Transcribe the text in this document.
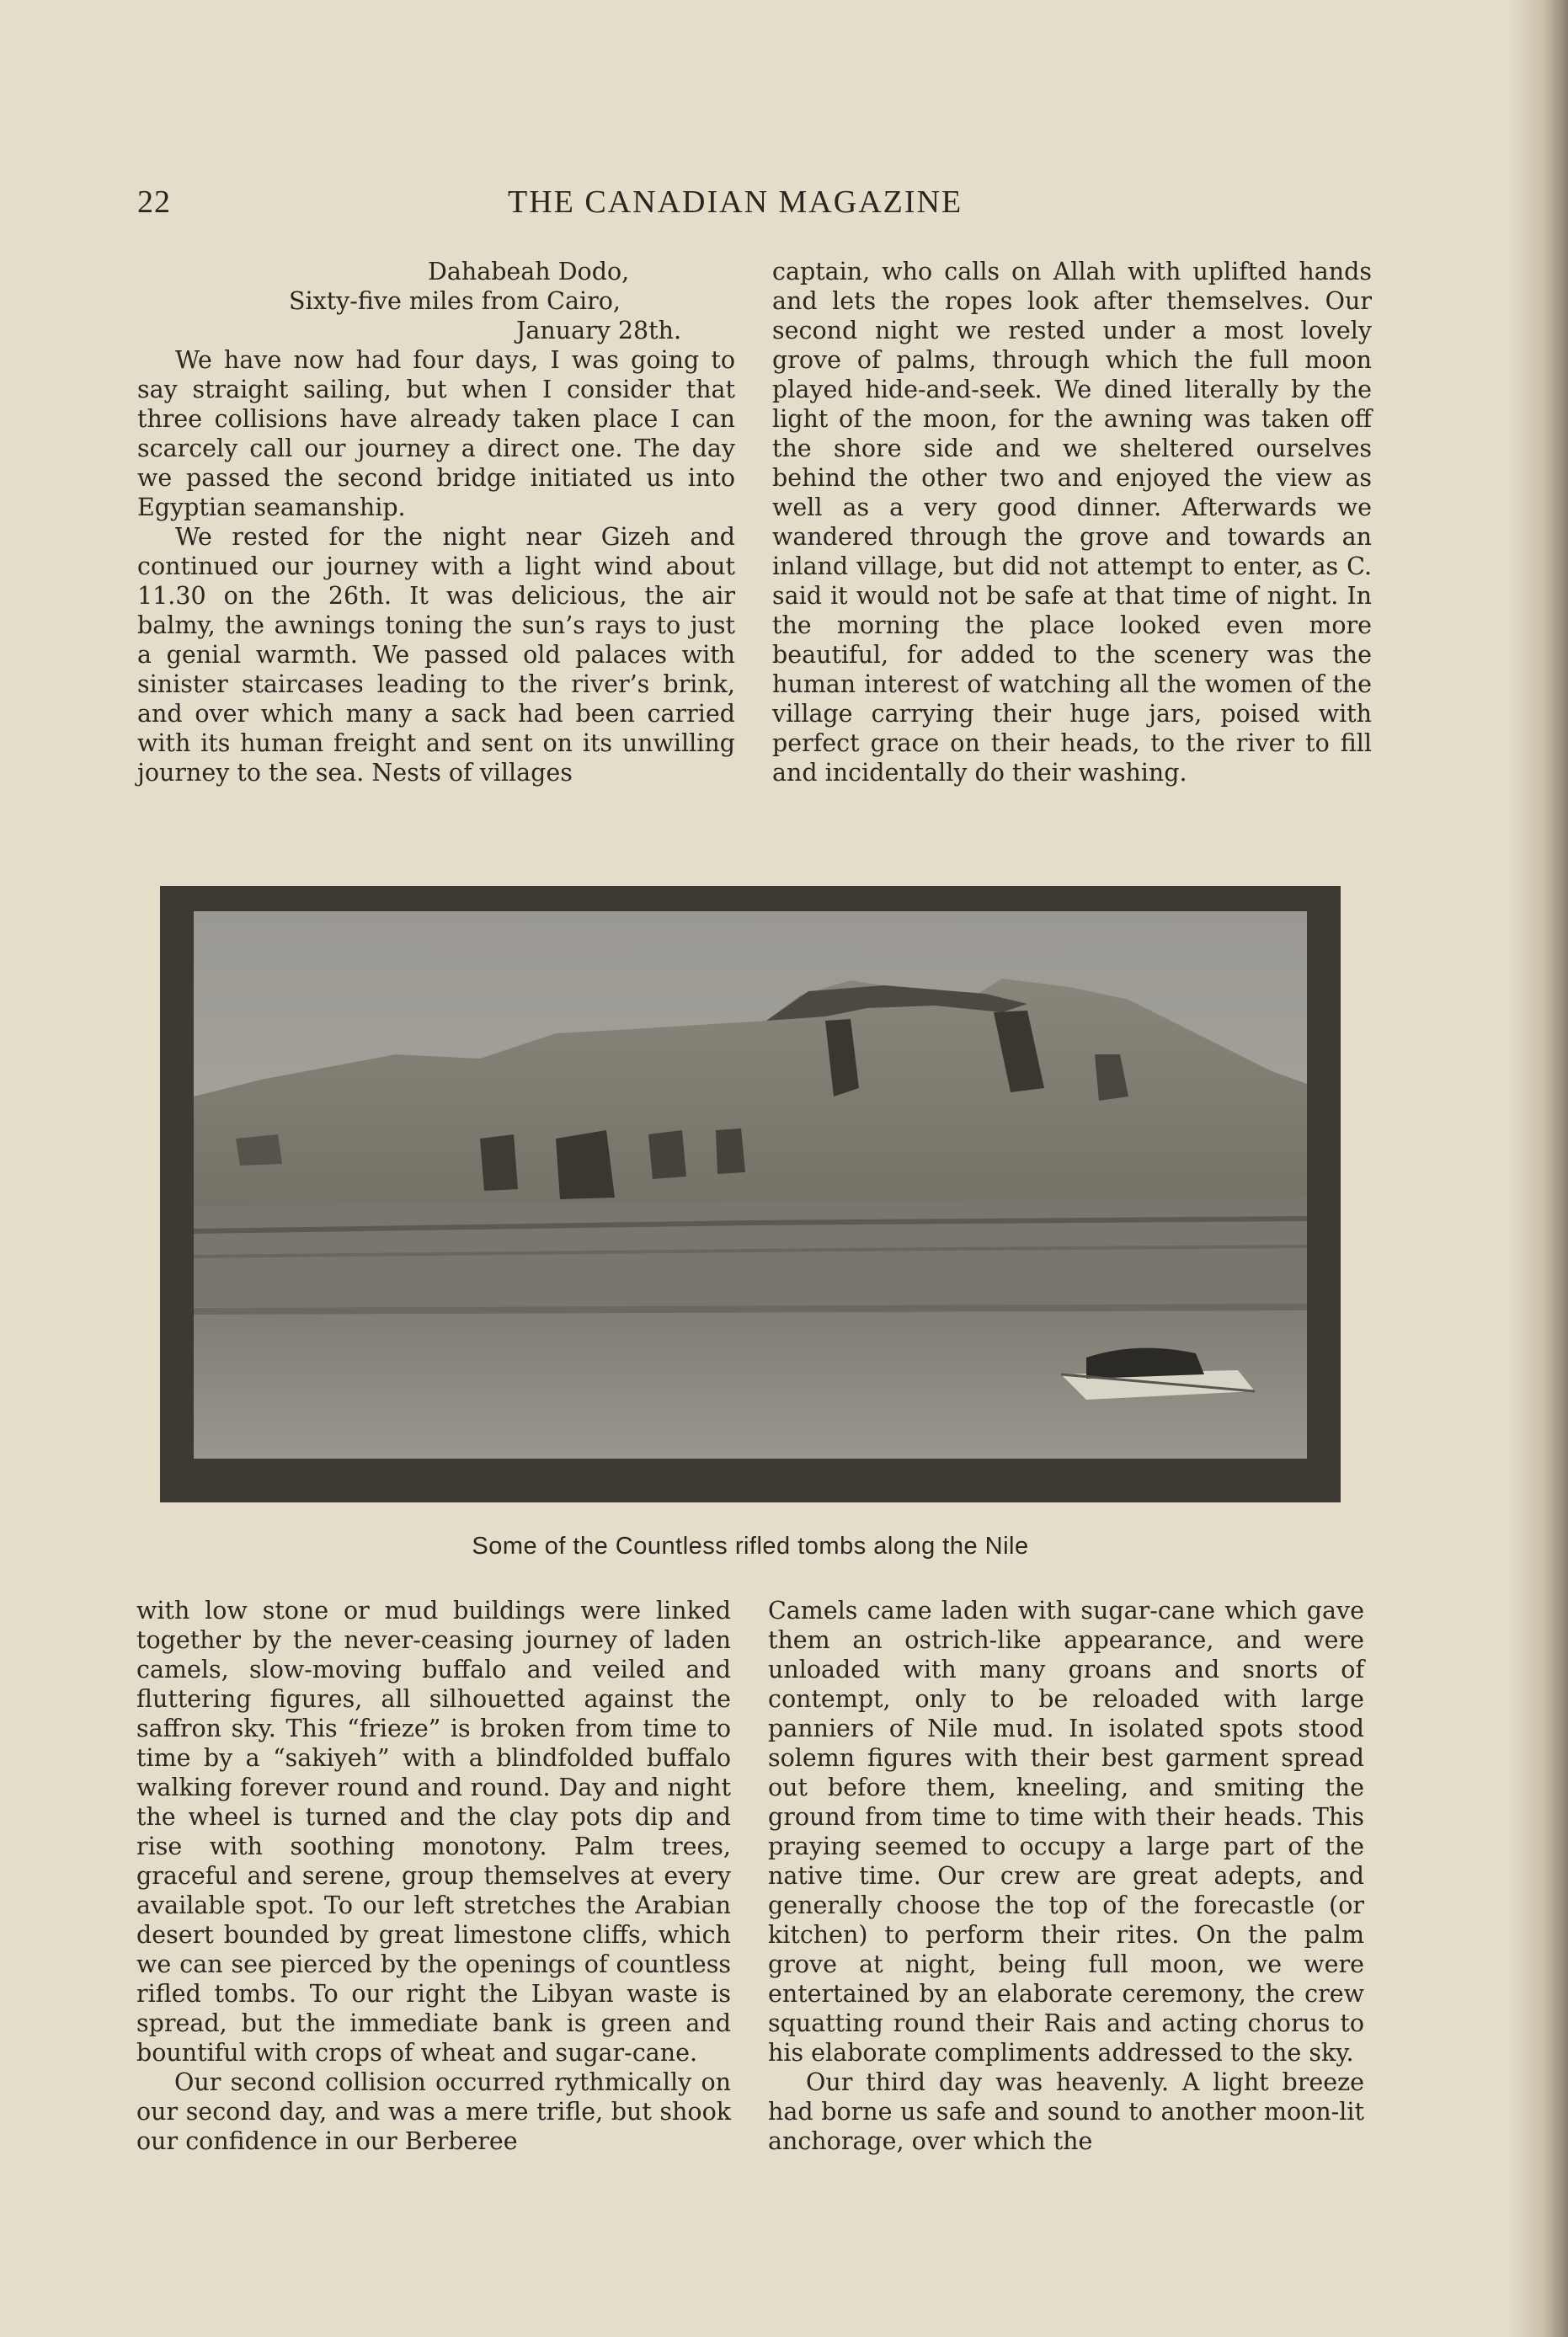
22	THE CANADIAN MAGAZINE

Dahabeah Dodo,

Sixty-five miles from Cairo,

January 28th.

We have now had four days, I was going to say straight sailing, but when I consider that three collisions have already taken place I can scarcely call our journey a direct one. The day we passed the second bridge initiated us into Egyptian seamanship.

We rested for the night near Gizeh and continued our journey with a light wind about 11.30 on the 26th. It was delicious, the air balmy, the awnings toning the sun’s rays to just a genial warmth. We passed old palaces with sinister staircases leading to the river’s brink, and over which many a sack had been carried with its human freight and sent on its unwilling journey to the sea. Nests of villages

captain, who calls on Allah with uplifted hands and lets the ropes look after themselves. Our second night we rested under a most lovely grove of palms, through which the full moon played hide-and-seek. We dined literally by the light of the moon, for the awning was taken off the shore side and we sheltered ourselves behind the other two and enjoyed the view as well as a very good dinner. Afterwards we wandered through the grove and towards an inland village, but did not attempt to enter, as C. said it would not be safe at that time of night. In the morning the place looked even more beautiful, for added to the scenery was the human interest of watching all the women of the village carrying their huge jars, poised with perfect grace on their heads, to the river to fill and incidentally do their washing.

Some of the Countless rifled tombs along the Nile

with low stone or mud buildings were linked together by the never-ceasing journey of laden camels, slow-moving buffalo and veiled and fluttering figures, all silhouetted against the saffron sky. This “frieze” is broken from time to time by a “sakiyeh” with a blindfolded buffalo walking forever round and round. Day and night the wheel is turned and the clay pots dip and rise with soothing monotony. Palm trees, graceful and serene, group themselves at every available spot. To our left stretches the Arabian desert bounded by great limestone cliffs, which we can see pierced by the openings of countless rifled tombs. To our right the Libyan waste is spread, but the immediate bank is green and bountiful with crops of wheat and sugar-cane.

Our second collision occurred rythmically on our second day, and was a mere trifle, but shook our confidence in our Berberee

Camels came laden with sugar-cane which gave them an ostrich-like appearance, and were unloaded with many groans and snorts of contempt, only to be reloaded with large panniers of Nile mud. In isolated spots stood solemn figures with their best garment spread out before them, kneeling, and smiting the ground from time to time with their heads. This praying seemed to occupy a large part of the native time. Our crew are great adepts, and generally choose the top of the forecastle (or kitchen) to perform their rites. On the palm grove at night, being full moon, we were entertained by an elaborate ceremony, the crew squatting round their Rais and acting chorus to his elaborate compliments addressed to the sky.

Our third day was heavenly. A light breeze had borne us safe and sound to another moon-lit anchorage, over which the
